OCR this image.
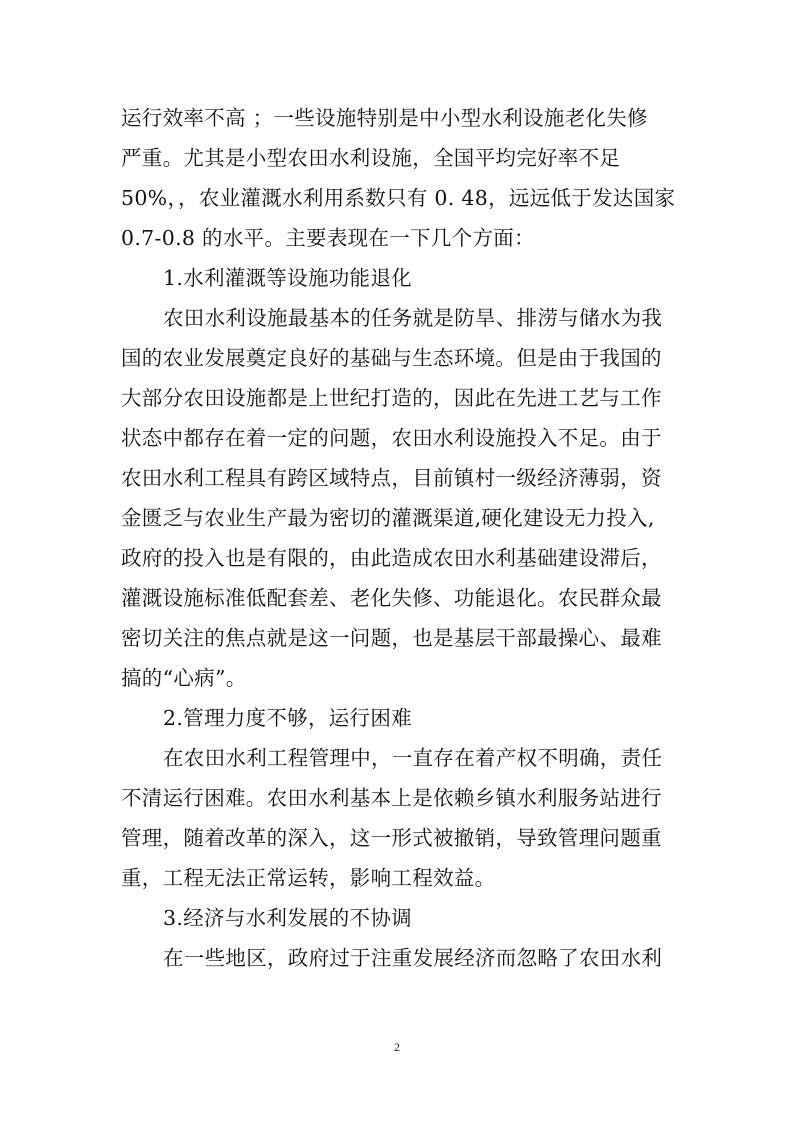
运行效率不高 ；一些设施特别是中小型水利设施老化失修
严重。尤其是小型农田水利设施，全国平均完好率不足
50%，，农业灌溉水利用系数只有 0. 48，远远低于发达国家
0.7-0.8 的水平。主要表现在一下几个方面：
1.水利灌溉等设施功能退化
农田水利设施最基本的任务就是防旱、排涝与储水为我
国的农业发展奠定良好的基础与生态环境。但是由于我国的
大部分农田设施都是上世纪打造的，因此在先进工艺与工作
状态中都存在着一定的问题，农田水利设施投入不足。由于
农田水利工程具有跨区域特点，目前镇村一级经济薄弱，资
金匮乏与农业生产最为密切的灌溉渠道,硬化建设无力投入,
政府的投入也是有限的，由此造成农田水利基础建设滞后，
灌溉设施标准低配套差、老化失修、功能退化。农民群众最
密切关注的焦点就是这一问题，也是基层干部最操心、最难
搞的“心病”。
2.管理力度不够，运行困难
在农田水利工程管理中，一直存在着产权不明确，责任
不清运行困难。农田水利基本上是依赖乡镇水利服务站进行
管理，随着改革的深入，这一形式被撤销，导致管理问题重
重，工程无法正常运转，影响工程效益。
3.经济与水利发展的不协调
在一些地区，政府过于注重发展经济而忽略了农田水利
2
